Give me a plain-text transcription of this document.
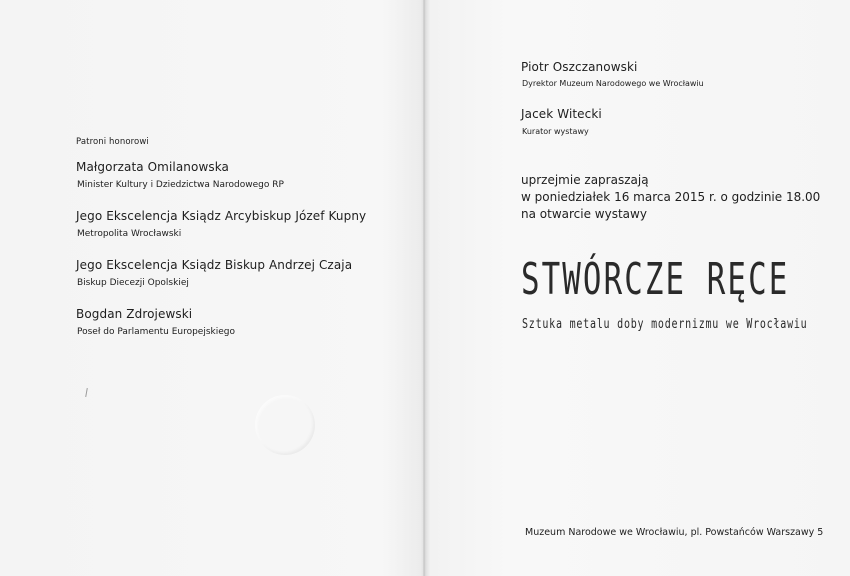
Patroni honorowi
Małgorzata Omilanowska
Minister Kultury i Dziedzictwa Narodowego RP
Jego Ekscelencja Ksiądz Arcybiskup Józef Kupny
Metropolita Wrocławski
Jego Ekscelencja Ksiądz Biskup Andrzej Czaja
Biskup Diecezji Opolskiej
Bogdan Zdrojewski
Poseł do Parlamentu Europejskiego
Piotr Oszczanowski
Dyrektor Muzeum Narodowego we Wrocławiu
Jacek Witecki
Kurator wystawy
uprzejmie zapraszają
w poniedziałek 16 marca 2015 r. o godzinie 18.00
na otwarcie wystawy
STWÓRCZE RĘCE
Sztuka metalu doby modernizmu we Wrocławiu
Muzeum Narodowe we Wrocławiu, pl. Powstańców Warszawy 5
